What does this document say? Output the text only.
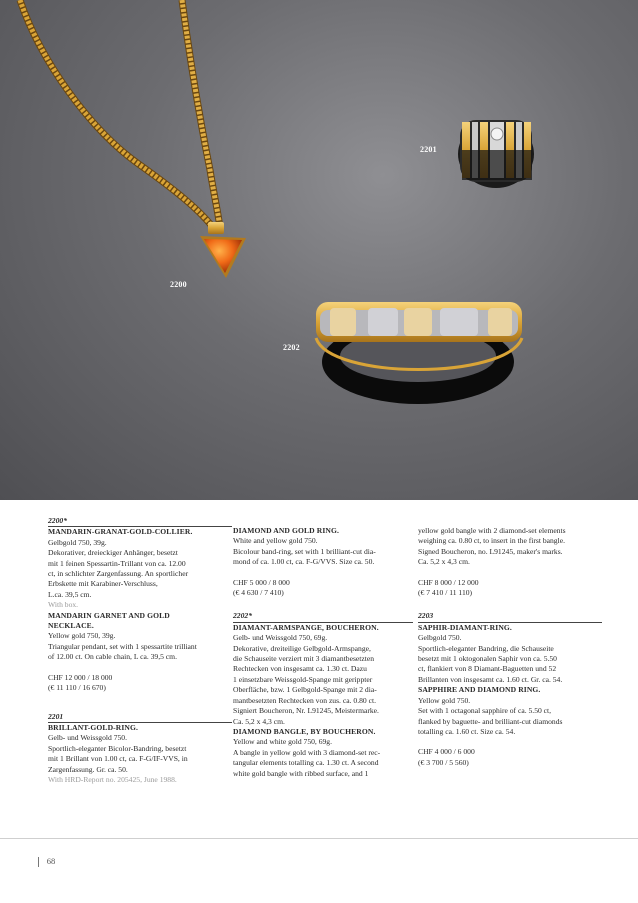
2201
2200
2202

2200*

MANDARIN-GRANAT-GOLD-COLLIER.

Gelbgold 750, 39g.

Dekorativer, dreieckiger Anhänger, besetzt

mit 1 feinen Spessartin-Trillant von ca. 12.00

ct, in schlichter Zargenfassung. An sportlicher

Erbskette mit Karabiner-Verschluss,

L.ca. 39,5 cm.

With box.

MANDARIN GARNET AND GOLD

NECKLACE.

Yellow gold 750, 39g.

Triangular pendant, set with 1 spessartite trilliant

of 12.00 ct. On cable chain, L ca. 39,5 cm.

CHF 12 000 / 18 000

(€ 11 110 / 16 670)

2201

BRILLANT-GOLD-RING.

Gelb- und Weissgold 750.

Sportlich-eleganter Bicolor-Bandring, besetzt

mit 1 Brillant von 1.00 ct, ca. F-G/IF-VVS, in

Zargenfassung. Gr. ca. 50.

With HRD-Report no. 205425, June 1988.

DIAMOND AND GOLD RING.

White and yellow gold 750.

Bicolour band-ring, set with 1 brilliant-cut dia-

mond of ca. 1.00 ct, ca. F-G/VVS. Size ca. 50.

CHF 5 000 / 8 000

(€ 4 630 / 7 410)

2202*

DIAMANT-ARMSPANGE, BOUCHERON.

Gelb- und Weissgold 750, 69g.

Dekorative, dreiteilige Gelbgold-Armspange,

die Schauseite verziert mit 3 diamantbesetzten

Rechtecken von insgesamt ca. 1.30 ct. Dazu

1 einsetzbare Weissgold-Spange mit gerippter

Oberfläche, bzw. 1 Gelbgold-Spange mit 2 dia-

mantbesetzten Rechtecken von zus. ca. 0.80 ct.

Signiert Boucheron, Nr. L91245, Meistermarke.

Ca. 5,2 x 4,3 cm.

DIAMOND BANGLE, BY BOUCHERON.

Yellow and white gold 750, 69g.

A bangle in yellow gold with 3 diamond-set rec-

tangular elements totalling ca. 1.30 ct. A second

white gold bangle with ribbed surface, and 1

yellow gold bangle with 2 diamond-set elements

weighing ca. 0.80 ct, to insert in the first bangle.

Signed Boucheron, no. L91245, maker's marks.

Ca. 5,2 x 4,3 cm.

CHF 8 000 / 12 000

(€ 7 410 / 11 110)

2203

SAPHIR-DIAMANT-RING.

Gelbgold 750.

Sportlich-eleganter Bandring, die Schauseite

besetzt mit 1 oktogonalen Saphir von ca. 5.50

ct, flankiert von 8 Diamant-Baguetten und 52

Brillanten von insgesamt ca. 1.60 ct. Gr. ca. 54.

SAPPHIRE AND DIAMOND RING.

Yellow gold 750.

Set with 1 octagonal sapphire of ca. 5.50 ct,

flanked by baguette- and brilliant-cut diamonds

totalling ca. 1.60 ct. Size ca. 54.

CHF 4 000 / 6 000

(€ 3 700 / 5 560)

68
